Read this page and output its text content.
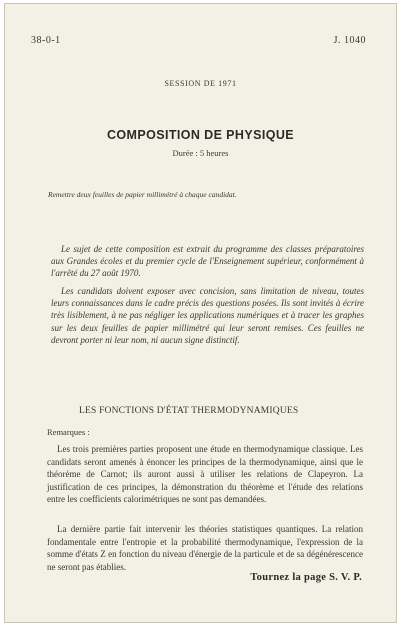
38-0-1	J. 1040
SESSION DE 1971
COMPOSITION DE PHYSIQUE
Durée : 5 heures
Remettre deux feuilles de papier millimétré à chaque candidat.

Le sujet de cette composition est extrait du programme des classes préparatoires aux Grandes écoles et du premier cycle de l'Enseignement supérieur, conformément à l'arrêté du 27 août 1970.

Les candidats doivent exposer avec concision, sans limitation de niveau, toutes leurs connaissances dans le cadre précis des questions posées. Ils sont invités à écrire très lisiblement, à ne pas négliger les applications numériques et à tracer les graphes sur les deux feuilles de papier millimétré qui leur seront remises. Ces feuilles ne devront porter ni leur nom, ni aucun signe distinctif.

LES FONCTIONS D'ÉTAT THERMODYNAMIQUES
Remarques :

Les trois premières parties proposent une étude en thermodynamique classique. Les candidats seront amenés à énoncer les principes de la thermodynamique, ainsi que le théorème de Carnot; ils auront aussi à utiliser les relations de Clapeyron. La justification de ces principes, la démonstration du théorème et l'étude des relations entre les coefficients calorimétriques ne sont pas demandées.

La dernière partie fait intervenir les théories statistiques quantiques. La relation fondamentale entre l'entropie et la probabilité thermodynamique, l'expression de la somme d'états Z en fonction du niveau d'énergie de la particule et de sa dégénérescence ne seront pas établies.

Tournez la page S. V. P.
